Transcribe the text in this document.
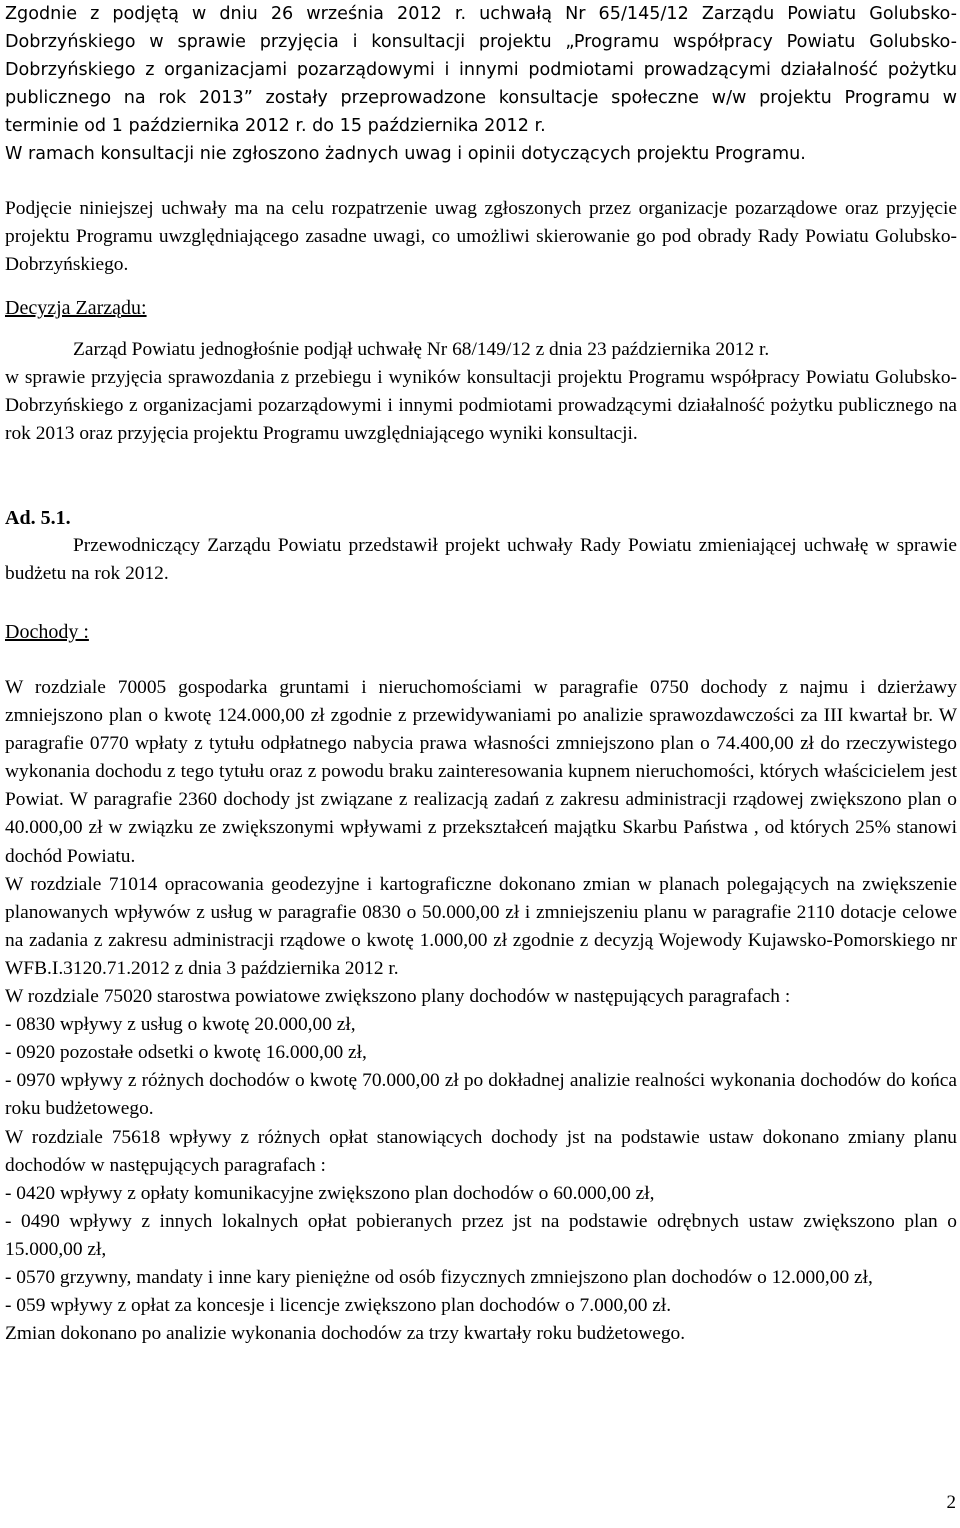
Zgodnie z podjętą w dniu 26 września 2012 r. uchwałą Nr 65/145/12 Zarządu Powiatu Golubsko-Dobrzyńskiego w sprawie przyjęcia i konsultacji projektu „Programu współpracy Powiatu Golubsko-Dobrzyńskiego z organizacjami pozarządowymi i innymi podmiotami prowadzącymi działalność pożytku publicznego na rok 2013” zostały przeprowadzone konsultacje społeczne w/w projektu Programu w terminie od 1 października 2012 r. do 15 października 2012 r.

W ramach konsultacji nie zgłoszono żadnych uwag i opinii dotyczących projektu Programu.

Podjęcie niniejszej uchwały ma na celu rozpatrzenie uwag zgłoszonych przez organizacje pozarządowe oraz przyjęcie projektu Programu uwzględniającego zasadne uwagi, co umożliwi skierowanie go pod obrady Rady Powiatu Golubsko-Dobrzyńskiego.

Decyzja Zarządu:

Zarząd Powiatu jednogłośnie podjął uchwałę Nr 68/149/12 z dnia 23 października 2012 r.

w sprawie przyjęcia sprawozdania z przebiegu i wyników konsultacji projektu Programu współpracy Powiatu Golubsko-Dobrzyńskiego z organizacjami pozarządowymi i innymi podmiotami prowadzącymi działalność pożytku publicznego na rok 2013 oraz przyjęcia projektu Programu uwzględniającego wyniki konsultacji.

Ad. 5.1.

Przewodniczący Zarządu Powiatu przedstawił projekt uchwały Rady Powiatu zmieniającej uchwałę w sprawie budżetu na rok 2012.

Dochody :

W rozdziale 70005 gospodarka gruntami i nieruchomościami w paragrafie 0750 dochody z najmu i dzierżawy zmniejszono plan o kwotę 124.000,00 zł zgodnie z przewidywaniami po analizie sprawozdawczości za III kwartał br. W paragrafie 0770 wpłaty z tytułu odpłatnego nabycia prawa własności zmniejszono plan o 74.400,00 zł do rzeczywistego wykonania dochodu z tego tytułu oraz z powodu braku zainteresowania kupnem nieruchomości, których właścicielem jest Powiat. W paragrafie 2360 dochody jst związane z realizacją zadań z zakresu administracji rządowej zwiększono plan o 40.000,00 zł w związku ze zwiększonymi wpływami z przekształceń majątku Skarbu Państwa , od których 25% stanowi dochód Powiatu.

W rozdziale 71014 opracowania geodezyjne i kartograficzne dokonano zmian w planach polegających na zwiększenie planowanych wpływów z usług w paragrafie 0830 o 50.000,00 zł i zmniejszeniu planu w paragrafie 2110 dotacje celowe na zadania z zakresu administracji rządowe o kwotę 1.000,00 zł zgodnie z decyzją Wojewody Kujawsko-Pomorskiego nr WFB.I.3120.71.2012 z dnia 3 października 2012 r.

W rozdziale 75020 starostwa powiatowe zwiększono plany dochodów w następujących paragrafach :

- 0830 wpływy z usług o kwotę 20.000,00 zł,

- 0920 pozostałe odsetki o kwotę 16.000,00 zł,

- 0970 wpływy z różnych dochodów o kwotę 70.000,00 zł po dokładnej analizie realności wykonania dochodów do końca roku budżetowego.

W rozdziale 75618 wpływy z różnych opłat stanowiących dochody jst na podstawie ustaw dokonano zmiany planu dochodów w następujących paragrafach :

- 0420 wpływy z opłaty komunikacyjne zwiększono plan dochodów o 60.000,00 zł,

- 0490 wpływy z innych lokalnych opłat pobieranych przez jst na podstawie odrębnych ustaw zwiększono plan o 15.000,00 zł,

- 0570 grzywny, mandaty i inne kary pieniężne od osób fizycznych zmniejszono plan dochodów o 12.000,00 zł,

- 059 wpływy z opłat za koncesje i licencje zwiększono plan dochodów o 7.000,00 zł.

Zmian dokonano po analizie wykonania dochodów za trzy kwartały roku budżetowego.

2
